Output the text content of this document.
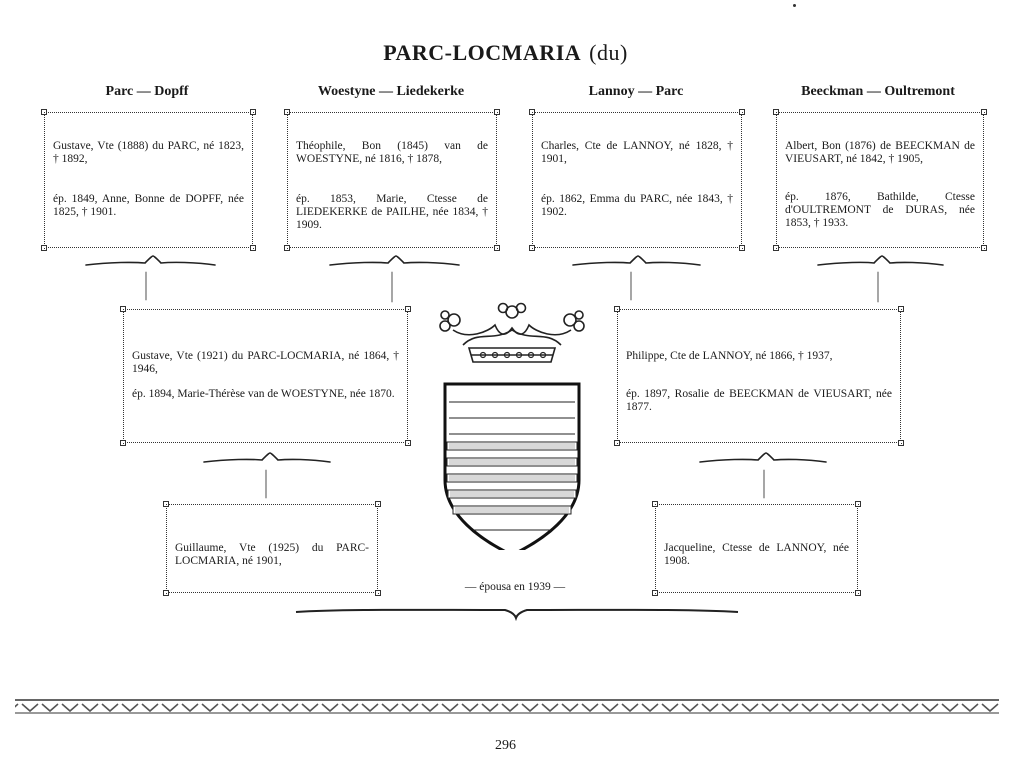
PARC-LOCMARIA (du)
Parc — Dopff	Woestyne — Liedekerke	Lannoy — Parc	Beeckman — Oultremont

Gustave, Vte (1888) du PARC, né 1823, † 1892,

ép. 1849, Anne, Bonne de DOPFF, née 1825, † 1901.

Théophile, Bon (1845) van de WOESTYNE, né 1816, † 1878,

ép. 1853, Marie, Ctesse de LIEDEKERKE de PAILHE, née 1834, † 1909.

Charles, Cte de LANNOY, né 1828, † 1901,

ép. 1862, Emma du PARC, née 1843, † 1902.

Albert, Bon (1876) de BEECKMAN de VIEUSART, né 1842, † 1905,

ép. 1876, Bathilde, Ctesse d'OULTREMONT de DURAS, née 1853, † 1933.

Gustave, Vte (1921) du PARC-LOCMARIA, né 1864, † 1946,

ép. 1894, Marie-Thérèse van de WOESTYNE, née 1870.

Philippe, Cte de LANNOY, né 1866, † 1937,

ép. 1897, Rosalie de BEECKMAN de VIEUSART, née 1877.

Guillaume, Vte (1925) du PARC-LOCMARIA, né 1901,

Jacqueline, Ctesse de LANNOY, née 1908.

— épousa en 1939 —
296
